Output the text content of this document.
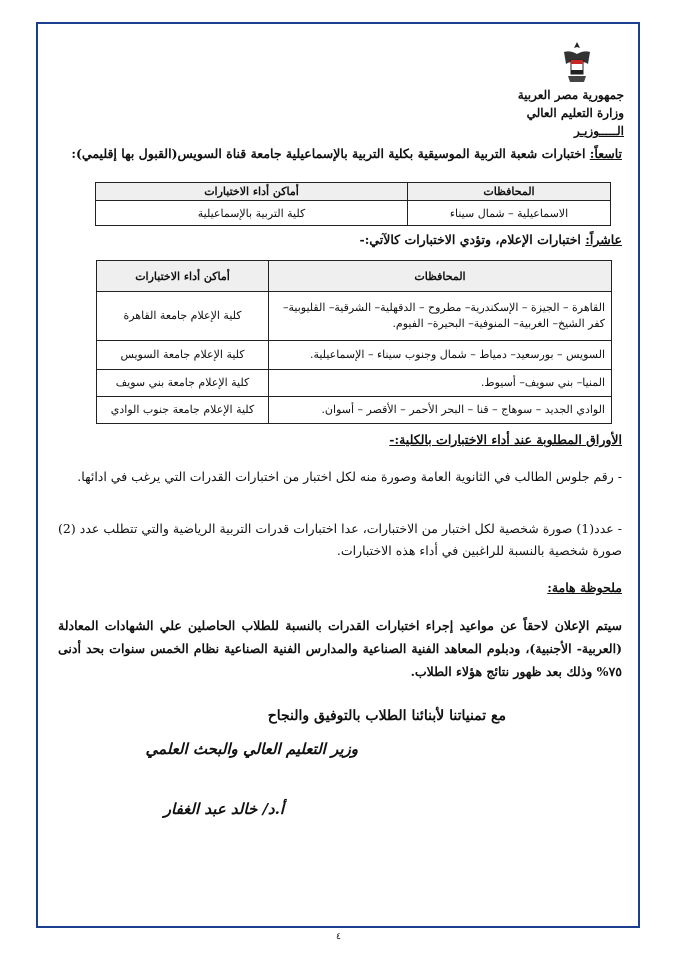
جمهورية مصر العربية
وزارة التعليم العالي
الـــــوزيـر
تاسعاً: اختبارات شعبة التربية الموسيقية بكلية التربية بالإسماعيلية جامعة قناة السويس(القبول بها إقليمي):
المحافظات	أماكن أداء الاختبارات
الاسماعيلية – شمال سيناء	كلية التربية بالإسماعيلية
عاشراً: اختبارات الإعلام، وتؤدي الاختبارات كالآتي:-
المحافظات	أماكن أداء الاختبارات
القاهرة – الجيزة – الإسكندرية– مطروح – الدقهلية– الشرقية– القليوبية– كفر الشيخ– الغربية– المنوفية– البحيرة– الفيوم.	كلية الإعلام جامعة القاهرة
السويس – بورسعيد– دمياط – شمال وجنوب سيناء – الإسماعيلية.	كلية الإعلام جامعة السويس
المنيا– بني سويف– أسيوط.	كلية الإعلام جامعة بني سويف
الوادي الجديد – سوهاج – قنا – البحر الأحمر – الأقصر – أسوان.	كلية الإعلام جامعة جنوب الوادي
الأوراق المطلوبة عند أداء الاختبارات بالكلية:-
- رقم جلوس الطالب في الثانوية العامة وصورة منه لكل اختبار من اختبارات القدرات التي يرغب في ادائها.
- عدد(1) صورة شخصية لكل اختبار من الاختبارات، عدا اختبارات قدرات التربية الرياضية والتي تتطلب عدد (2) صورة شخصية بالنسبة للراغبين في أداء هذه الاختبارات.
ملحوظة هامة:
سيتم الإعلان لاحقاً عن مواعيد إجراء اختبارات القدرات بالنسبة للطلاب الحاصلين علي الشهادات المعادلة (العربية- الأجنبية)، ودبلوم المعاهد الفنية الصناعية والمدارس الفنية الصناعية نظام الخمس سنوات بحد أدنى ٧٥% وذلك بعد ظهور نتائج هؤلاء الطلاب.
مع تمنياتنا لأبنائنا الطلاب بالتوفيق والنجاح
وزير التعليم العالي والبحث العلمي
أ.د/ خالد عبد الغفار
٤
